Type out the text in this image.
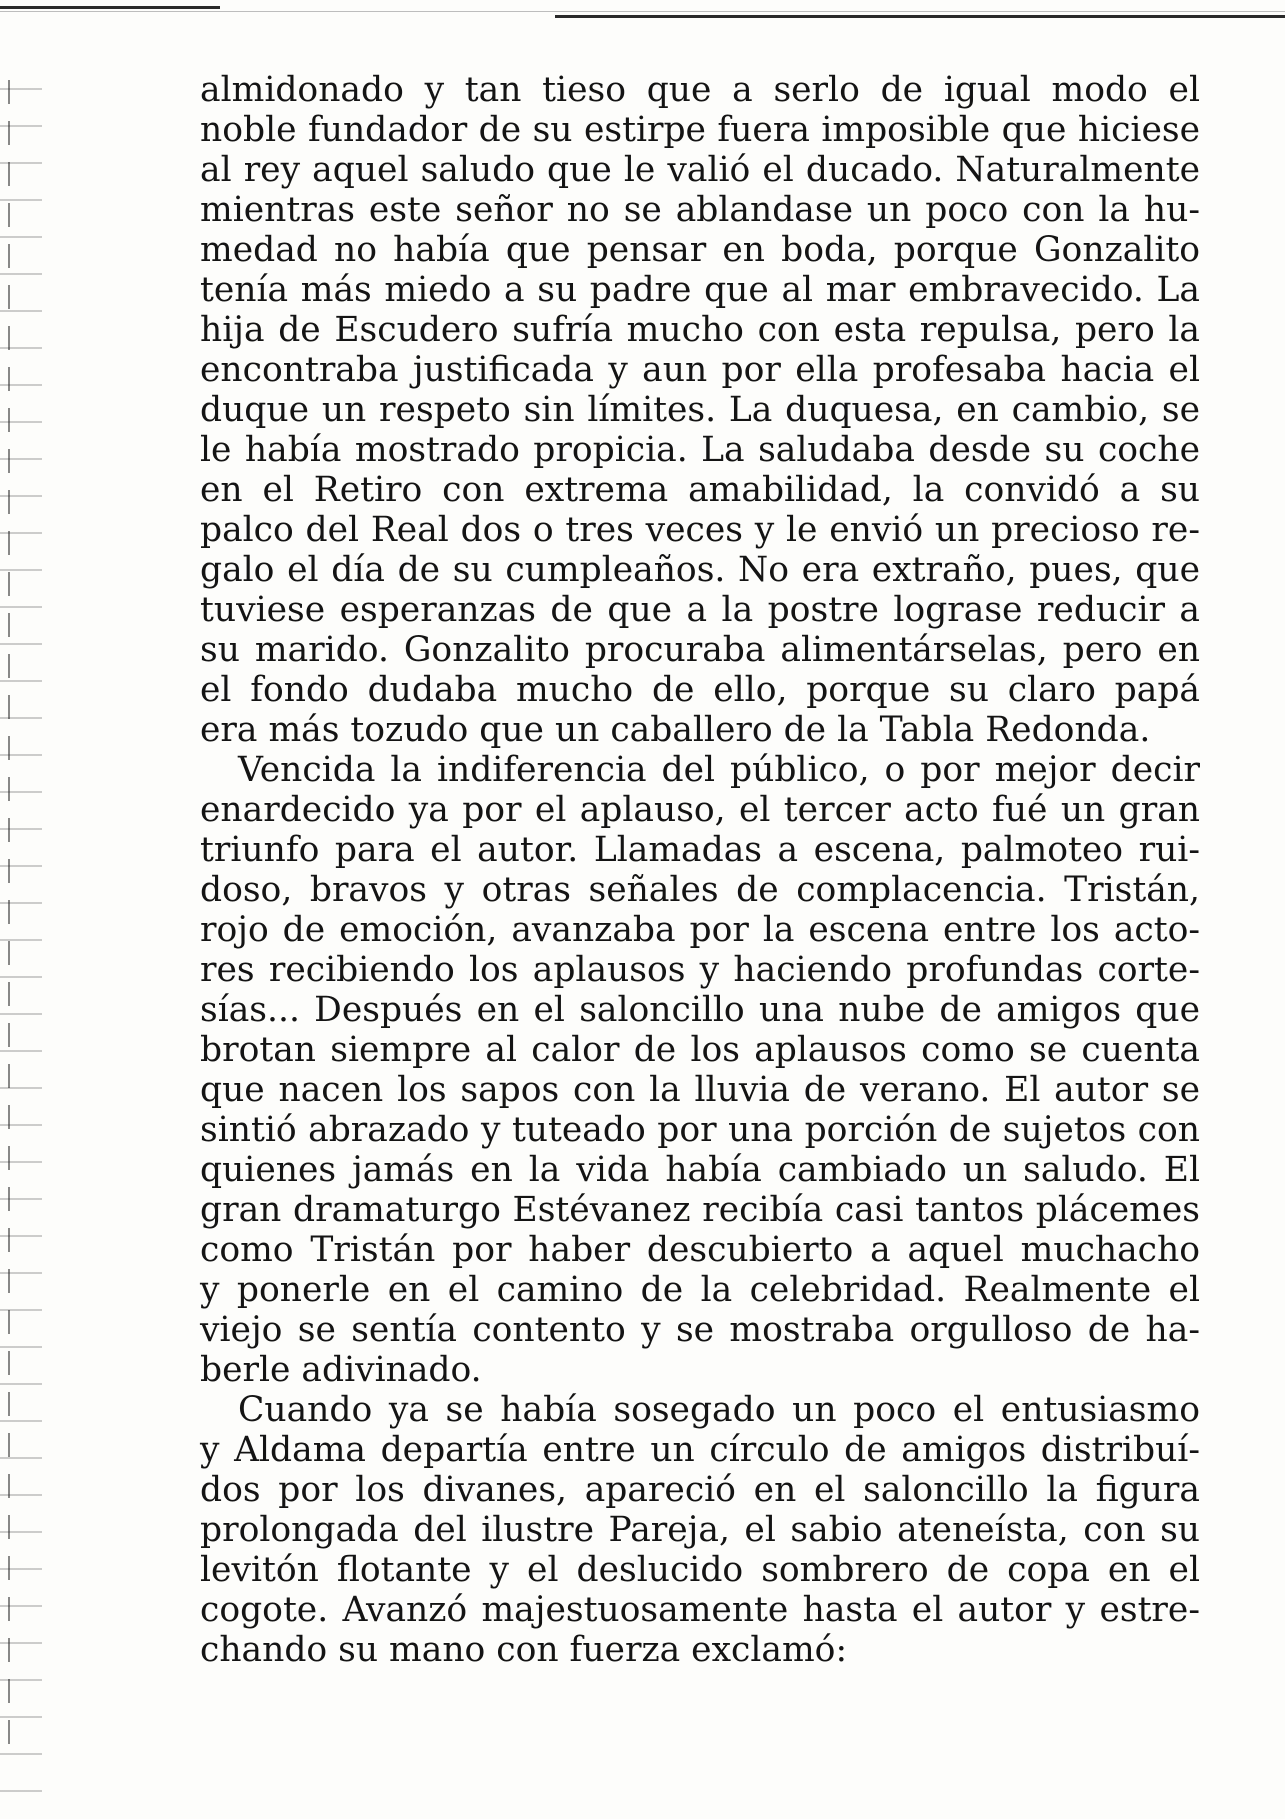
almidonado y tan tieso que a serlo de igual modo el

noble fundador de su estirpe fuera imposible que hiciese

al rey aquel saludo que le valió el ducado. Naturalmente

mientras este señor no se ablandase un poco con la hu-

medad no había que pensar en boda, porque Gonzalito

tenía más miedo a su padre que al mar embravecido. La

hija de Escudero sufría mucho con esta repulsa, pero la

encontraba justificada y aun por ella profesaba hacia el

duque un respeto sin límites. La duquesa, en cambio, se

le había mostrado propicia. La saludaba desde su coche

en el Retiro con extrema amabilidad, la convidó a su

palco del Real dos o tres veces y le envió un precioso re-

galo el día de su cumpleaños. No era extraño, pues, que

tuviese esperanzas de que a la postre lograse reducir a

su marido. Gonzalito procuraba alimentárselas, pero en

el fondo dudaba mucho de ello, porque su claro papá

era más tozudo que un caballero de la Tabla Redonda.

Vencida la indiferencia del público, o por mejor decir

enardecido ya por el aplauso, el tercer acto fué un gran

triunfo para el autor. Llamadas a escena, palmoteo rui-

doso, bravos y otras señales de complacencia. Tristán,

rojo de emoción, avanzaba por la escena entre los acto-

res recibiendo los aplausos y haciendo profundas corte-

sías... Después en el saloncillo una nube de amigos que

brotan siempre al calor de los aplausos como se cuenta

que nacen los sapos con la lluvia de verano. El autor se

sintió abrazado y tuteado por una porción de sujetos con

quienes jamás en la vida había cambiado un saludo. El

gran dramaturgo Estévanez recibía casi tantos plácemes

como Tristán por haber descubierto a aquel muchacho

y ponerle en el camino de la celebridad. Realmente el

viejo se sentía contento y se mostraba orgulloso de ha-

berle adivinado.

Cuando ya se había sosegado un poco el entusiasmo

y Aldama departía entre un círculo de amigos distribuí-

dos por los divanes, apareció en el saloncillo la figura

prolongada del ilustre Pareja, el sabio ateneísta, con su

levitón flotante y el deslucido sombrero de copa en el

cogote. Avanzó majestuosamente hasta el autor y estre-

chando su mano con fuerza exclamó:
